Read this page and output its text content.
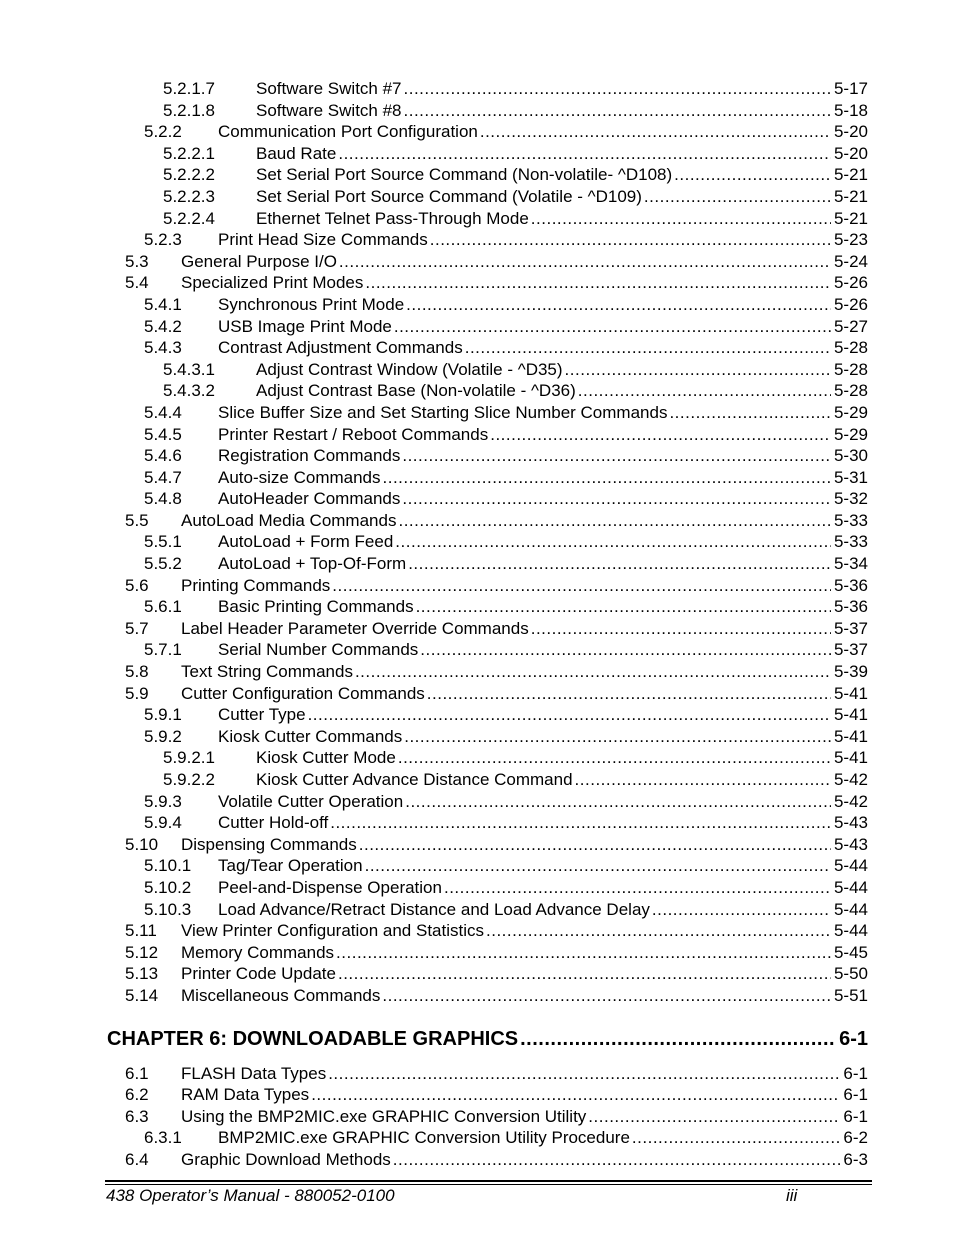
5.2.1.7 Software Switch #7 .....	5-17
5.2.1.8 Software Switch #8 .....	5-18
5.2.2 Communication Port Configuration .....	5-20
5.2.2.1 Baud Rate .....	5-20
5.2.2.2 Set Serial Port Source Command (Non-volatile- ^D108) .....	5-21
5.2.2.3 Set Serial Port Source Command (Volatile - ^D109) .....	5-21
5.2.2.4 Ethernet Telnet Pass-Through Mode .....	5-21
5.2.3 Print Head Size Commands .....	5-23
5.3 General Purpose I/O .....	5-24
5.4 Specialized Print Modes .....	5-26
5.4.1 Synchronous Print Mode .....	5-26
5.4.2 USB Image Print Mode .....	5-27
5.4.3 Contrast Adjustment Commands .....	5-28
5.4.3.1 Adjust Contrast Window (Volatile - ^D35) .....	5-28
5.4.3.2 Adjust Contrast Base (Non-volatile - ^D36) .....	5-28
5.4.4 Slice Buffer Size and Set Starting Slice Number Commands .....	5-29
5.4.5 Printer Restart / Reboot Commands .....	5-29
5.4.6 Registration Commands .....	5-30
5.4.7 Auto-size Commands .....	5-31
5.4.8 AutoHeader Commands .....	5-32
5.5 AutoLoad Media Commands .....	5-33
5.5.1 AutoLoad + Form Feed .....	5-33
5.5.2 AutoLoad + Top-Of-Form .....	5-34
5.6 Printing Commands .....	5-36
5.6.1 Basic Printing Commands .....	5-36
5.7 Label Header Parameter Override Commands .....	5-37
5.7.1 Serial Number Commands .....	5-37
5.8 Text String Commands .....	5-39
5.9 Cutter Configuration Commands .....	5-41
5.9.1 Cutter Type .....	5-41
5.9.2 Kiosk Cutter Commands .....	5-41
5.9.2.1 Kiosk Cutter Mode .....	5-41
5.9.2.2 Kiosk Cutter Advance Distance Command .....	5-42
5.9.3 Volatile Cutter Operation .....	5-42
5.9.4 Cutter Hold-off .....	5-43
5.10 Dispensing Commands .....	5-43
5.10.1 Tag/Tear Operation .....	5-44
5.10.2 Peel-and-Dispense Operation .....	5-44
5.10.3 Load Advance/Retract Distance and Load Advance Delay .....	5-44
5.11 View Printer Configuration and Statistics .....	5-44
5.12 Memory Commands .....	5-45
5.13 Printer Code Update .....	5-50
5.14 Miscellaneous Commands .....	5-51
CHAPTER 6: DOWNLOADABLE GRAPHICS .....	6-1
6.1 FLASH Data Types .....	6-1
6.2 RAM Data Types .....	6-1
6.3 Using the BMP2MIC.exe GRAPHIC Conversion Utility .....	6-1
6.3.1 BMP2MIC.exe GRAPHIC Conversion Utility Procedure .....	6-2
6.4 Graphic Download Methods .....	6-3
438 Operator’s Manual - 880052-0100	iii
